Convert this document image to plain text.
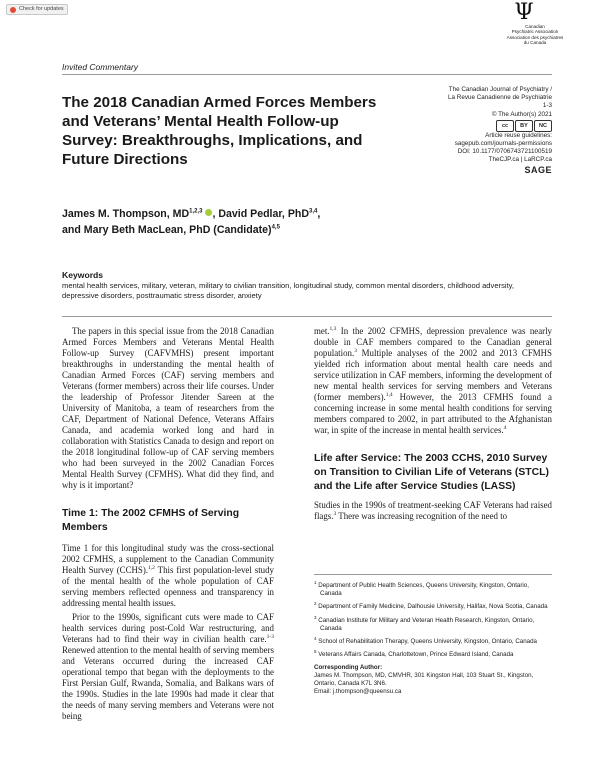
Check for updates	Ψ
Canadian
Psychiatric Association
Association des psychiatres
du Canada
Invited Commentary
The 2018 Canadian Armed Forces Members and Veterans’ Mental Health Follow-up Survey: Breakthroughs, Implications, and Future Directions
The Canadian Journal of Psychiatry /
La Revue Canadienne de Psychiatrie
1-3
© The Author(s) 2021
cc	BY	NC
Article reuse guidelines:
sagepub.com/journals-permissions
DOI: 10.1177/0706743721100519
TheCJP.ca | LaRCP.ca
SAGE
James M. Thompson, MD$^{1,2,3}$ , David Pedlar, PhD$^{3,4}$,
and Mary Beth MacLean, PhD (Candidate)$^{4,5}$
Keywords
mental health services, military, veteran, military to civilian transition, longitudinal study, common mental disorders, childhood adversity, depressive disorders, posttraumatic stress disorder, anxiety

The papers in this special issue from the 2018 Canadian Armed Forces Members and Veterans Mental Health Follow-up Survey (CAFVMHS) present important breakthroughs in understanding the mental health of Canadian Armed Forces (CAF) serving members and Veterans (former members) across their life courses. Under the leadership of Professor Jitender Sareen at the University of Manitoba, a team of researchers from the CAF, Department of National Defence, Veterans Affairs Canada, and academia worked long and hard in collaboration with Statistics Canada to design and report on the 2018 longitudinal follow-up of CAF serving members who had been surveyed in the 2002 Canadian Forces Mental Health Survey (CFMHS). What did they find, and why is it important?

Time 1: The 2002 CFMHS of Serving Members

Time 1 for this longitudinal study was the cross-sectional 2002 CFMHS, a supplement to the Canadian Community Health Survey (CCHS).$^{1,2}$ This first population-level study of the mental health of the whole population of CAF serving members reflected openness and transparency in addressing mental health issues.

Prior to the 1990s, significant cuts were made to CAF health services during post-Cold War restructuring, and Veterans had to find their way in civilian health care.$^{1-3}$ Renewed attention to the mental health of serving members and Veterans occurred during the increased CAF operational tempo that began with the deployments to the First Persian Gulf, Rwanda, Somalia, and Balkans wars of the 1990s. Studies in the late 1990s had made it clear that the needs of many serving members and Veterans were not being

met.$^{1,3}$ In the 2002 CFMHS, depression prevalence was nearly double in CAF members compared to the Canadian general population.$^3$ Multiple analyses of the 2002 and 2013 CFMHS yielded rich information about mental health care needs and service utilization in CAF members, informing the development of new mental health services for serving members and Veterans (former members).$^{1,4}$ However, the 2013 CFMHS found a concerning increase in some mental health conditions for serving members compared to 2002, in part attributed to the Afghanistan war, in spite of the increase in mental health services.$^4$

Life after Service: The 2003 CCHS, 2010 Survey on Transition to Civilian Life of Veterans (STCL) and the Life after Service Studies (LASS)

Studies in the 1990s of treatment-seeking CAF Veterans had raised flags.$^3$ There was increasing recognition of the need to

$^1$ Department of Public Health Sciences, Queens University, Kingston, Ontario, Canada
$^2$ Department of Family Medicine, Dalhousie University, Halifax, Nova Scotia, Canada
$^3$ Canadian Institute for Military and Veteran Health Research, Kingston, Ontario, Canada
$^4$ School of Rehabilitation Therapy, Queens University, Kingston, Ontario, Canada
$^5$ Veterans Affairs Canada, Charlottetown, Prince Edward Island, Canada
Corresponding Author:
James M. Thompson, MD, CMVHR, 301 Kingston Hall, 103 Stuart St., Kingston, Ontario, Canada K7L 3N6.
Email: j.thompson@queensu.ca
